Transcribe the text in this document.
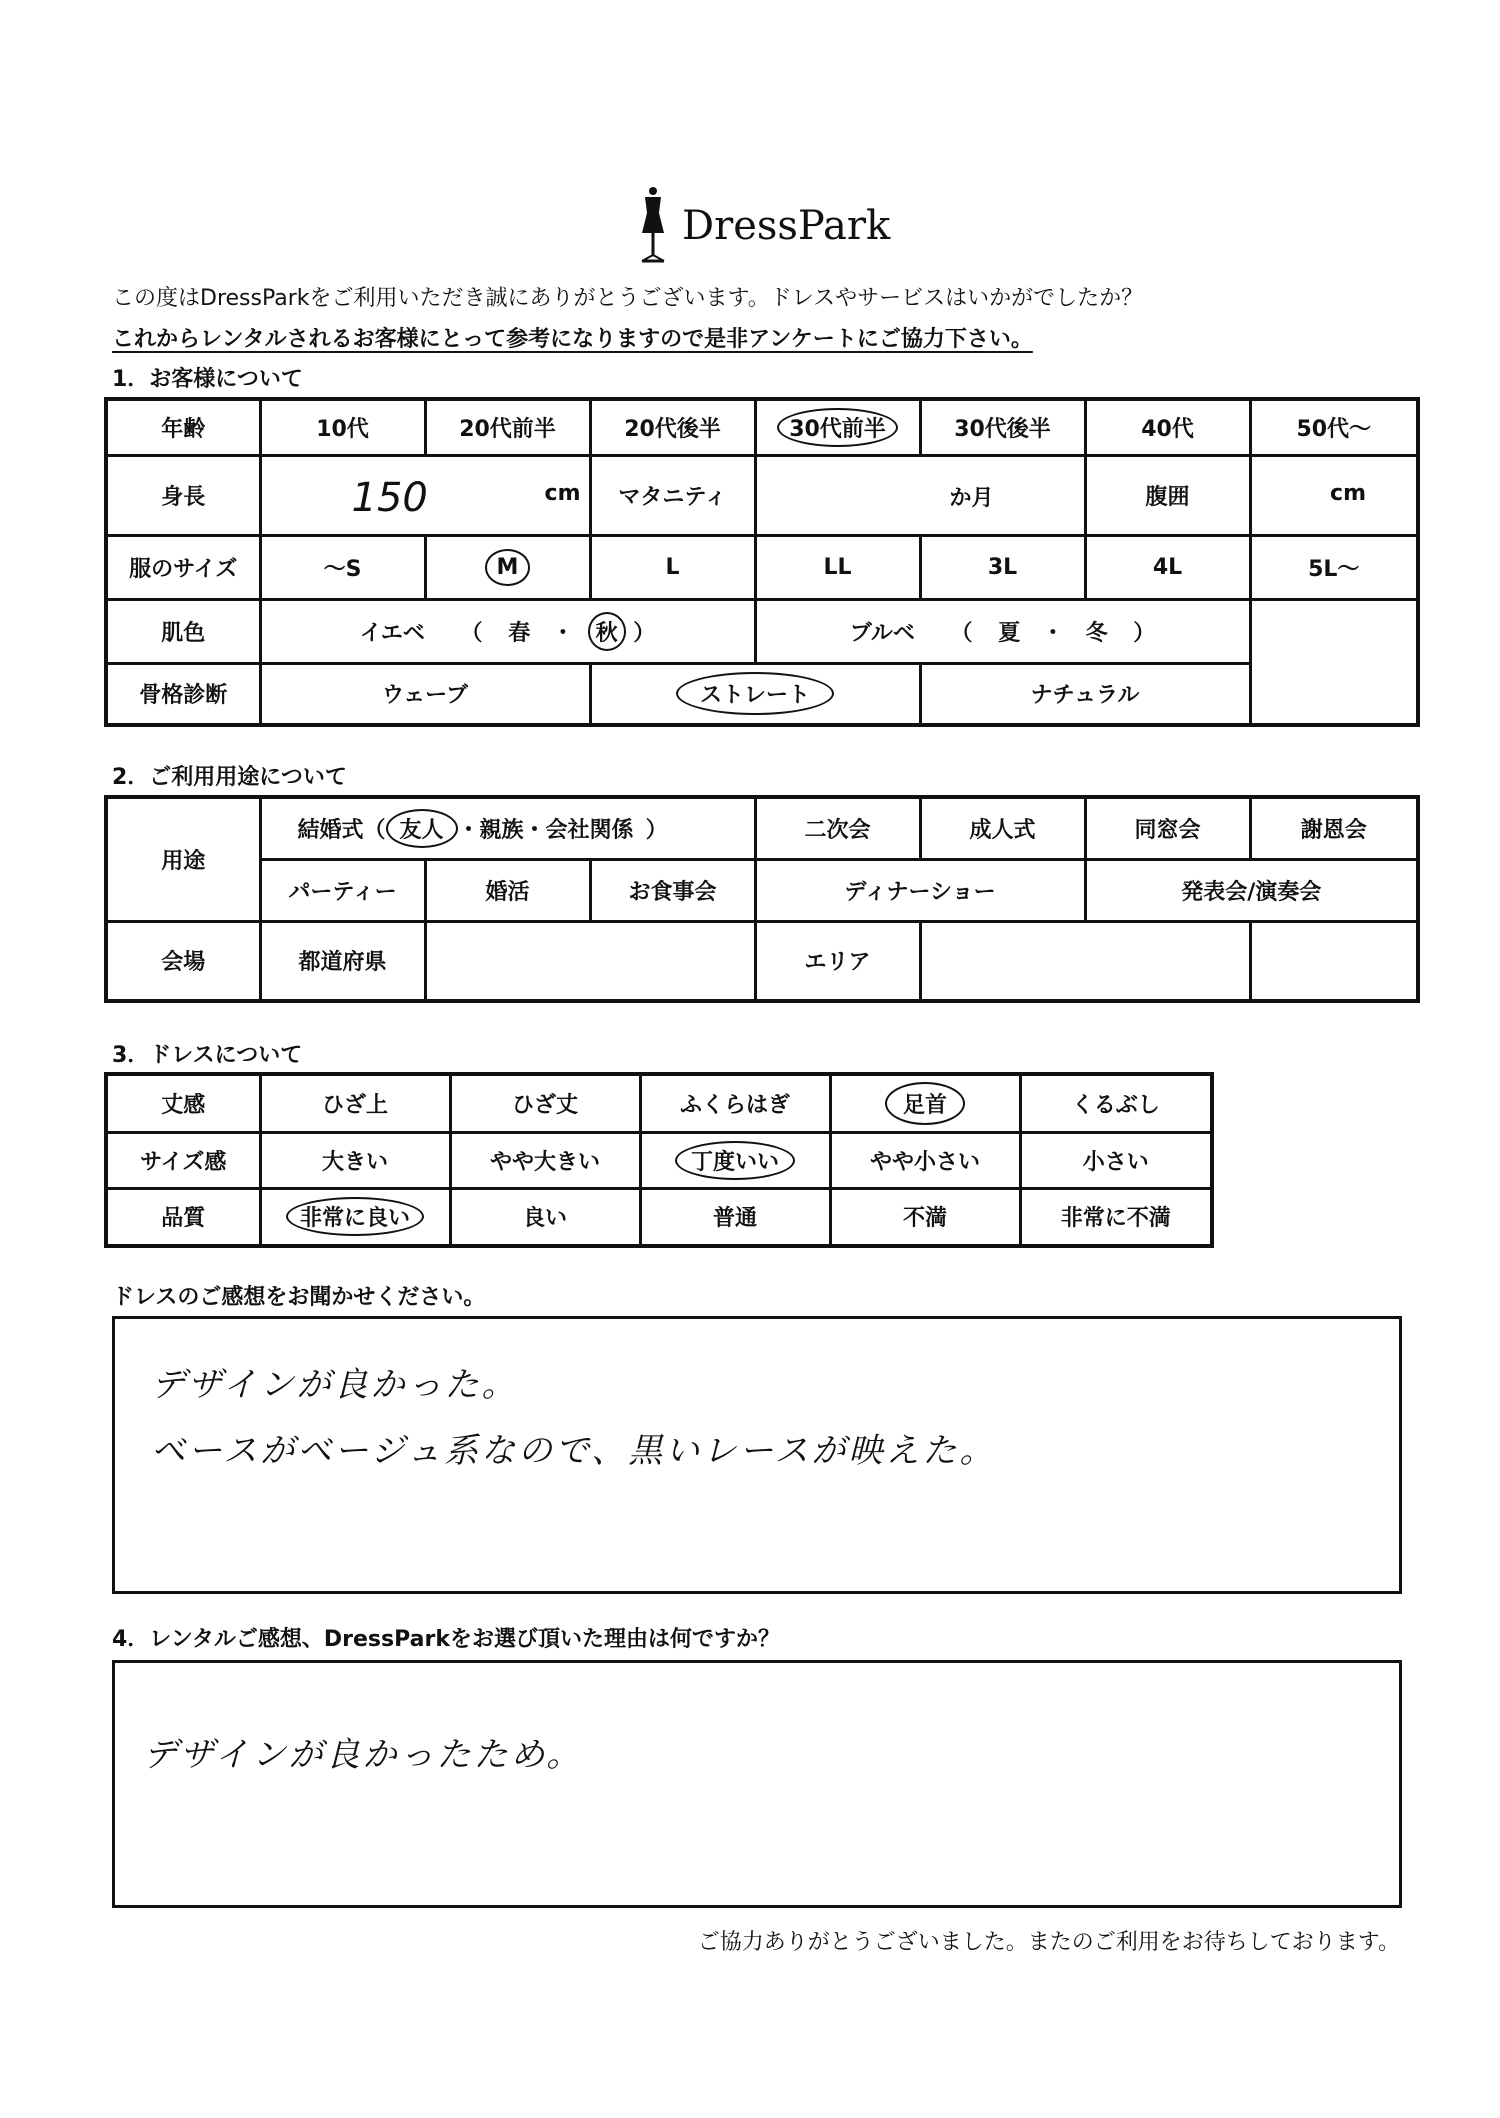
DressPark
この度はDressParkをご利用いただき誠にありがとうございます。ドレスやサービスはいかがでしたか？
これからレンタルされるお客様にとって参考になりますので是非アンケートにご協力下さい。
1．お客様について
年齢	10代	20代前半	20代後半	30代前半	30代後半	40代	50代～
身長	150 cm		マタニティ	か月		腹囲	cm

服のサイズ	～S	M	L	LL	3L	4L	5L～
肌色	イエベ （ 春 ・ 秋 ）			ブルベ （ 夏 ・ 冬 ）			
骨格診断	ウェーブ		ストレート		ナチュラル		
2．ご利用用途について
用途	結婚式（ 友人 ・親族・会社関係 ）			二次会	成人式	同窓会	謝恩会
	パーティー	婚活	お食事会	ディナーショー		発表会/演奏会	
会場	都道府県			エリア			
3．ドレスについて
丈感	ひざ上	ひざ丈	ふくらはぎ	足首	くるぶし
サイズ感	大きい	やや大きい	丁度いい	やや小さい	小さい
品質	非常に良い	良い	普通	不満	非常に不満
ドレスのご感想をお聞かせください。
デザインが良かった。
ベースがベージュ系なので、黒いレースが映えた。
4．レンタルご感想、DressParkをお選び頂いた理由は何ですか？
デザインが良かったため。
ご協力ありがとうございました。またのご利用をお待ちしております。
